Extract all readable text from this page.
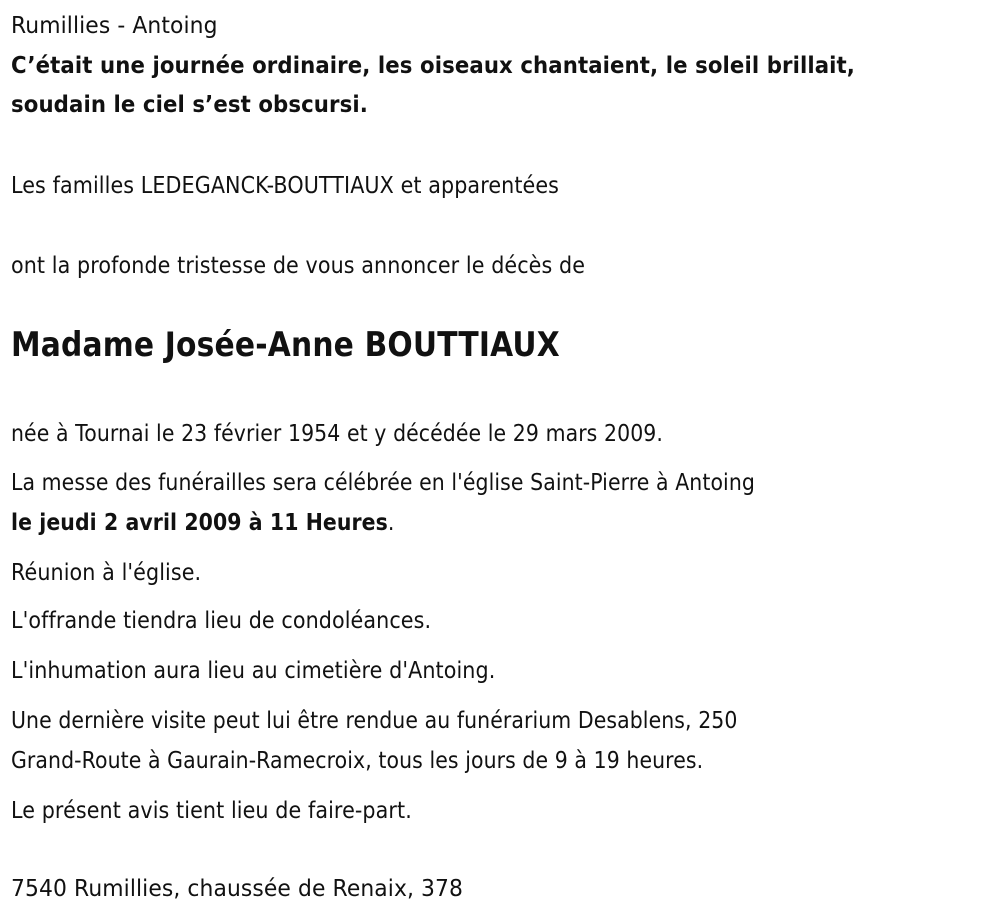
Rumillies - Antoing
C’était une journée ordinaire, les oiseaux chantaient, le soleil brillait,
soudain le ciel s’est obscursi.
Les familles LEDEGANCK-BOUTTIAUX et apparentées
ont la profonde tristesse de vous annoncer le décès de
Madame Josée-Anne BOUTTIAUX
née à Tournai le 23 février 1954 et y décédée le 29 mars 2009.
La messe des funérailles sera célébrée en l'église Saint-Pierre à Antoing
le jeudi 2 avril 2009 à 11 Heures.
Réunion à l'église.
L'offrande tiendra lieu de condoléances.
L'inhumation aura lieu au cimetière d'Antoing.
Une dernière visite peut lui être rendue au funérarium Desablens, 250
Grand-Route à Gaurain-Ramecroix, tous les jours de 9 à 19 heures.
Le présent avis tient lieu de faire-part.
7540 Rumillies, chaussée de Renaix, 378
